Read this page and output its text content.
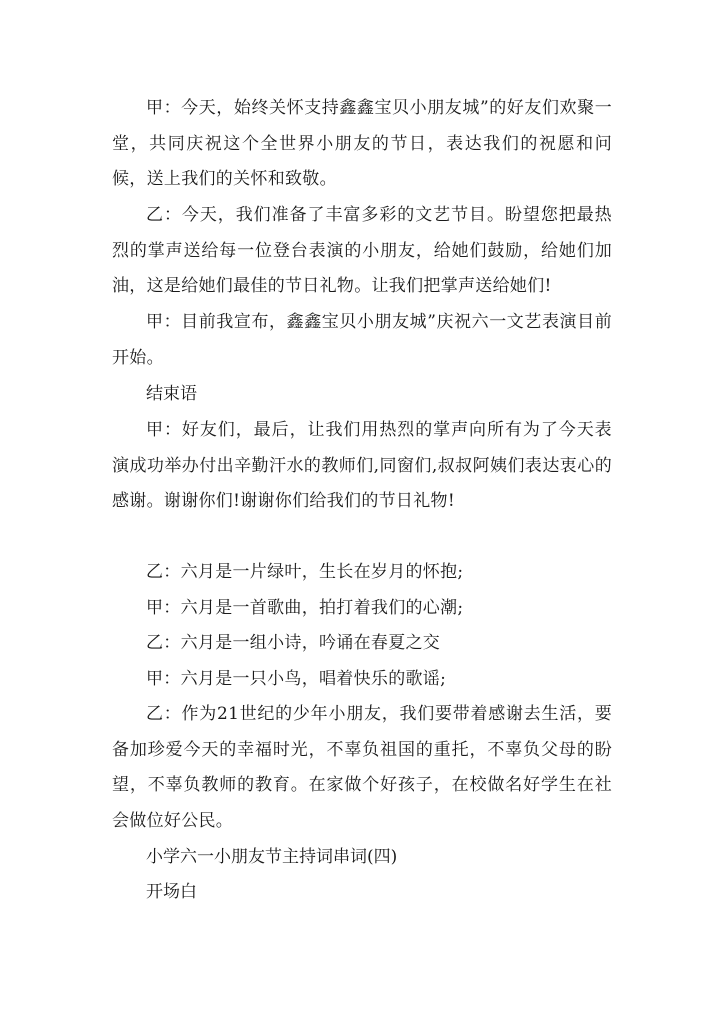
甲：今天，始终关怀支持鑫鑫宝贝小朋友城”的好友们欢聚一堂，共同庆祝这个全世界小朋友的节日，表达我们的祝愿和问候，送上我们的关怀和致敬。

乙：今天，我们准备了丰富多彩的文艺节目。盼望您把最热烈的掌声送给每一位登台表演的小朋友，给她们鼓励，给她们加油，这是给她们最佳的节日礼物。让我们把掌声送给她们!

甲：目前我宣布，鑫鑫宝贝小朋友城”庆祝六一文艺表演目前开始。

结束语

甲：好友们，最后，让我们用热烈的掌声向所有为了今天表演成功举办付出辛勤汗水的教师们,同窗们,叔叔阿姨们表达衷心的感谢。谢谢你们!谢谢你们给我们的节日礼物!

乙：六月是一片绿叶，生长在岁月的怀抱;

甲：六月是一首歌曲，拍打着我们的心潮;

乙：六月是一组小诗，吟诵在春夏之交

甲：六月是一只小鸟，唱着快乐的歌谣;

乙：作为21世纪的少年小朋友，我们要带着感谢去生活，要备加珍爱今天的幸福时光，不辜负祖国的重托，不辜负父母的盼望，不辜负教师的教育。在家做个好孩子，在校做名好学生在社会做位好公民。

小学六一小朋友节主持词串词(四)

开场白
